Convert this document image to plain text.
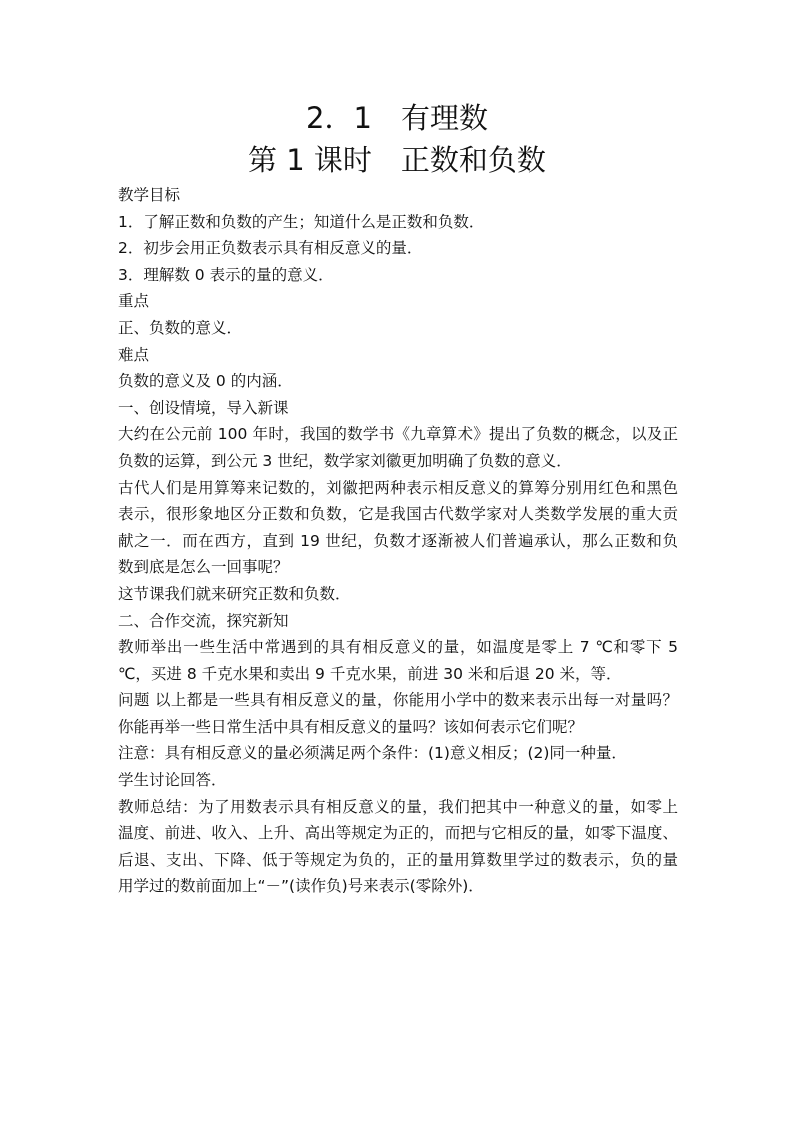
2．1　有理数
第 1 课时　正数和负数

教学目标

1．了解正数和负数的产生；知道什么是正数和负数．

2．初步会用正负数表示具有相反意义的量．

3．理解数 0 表示的量的意义．

重点

正、负数的意义．

难点

负数的意义及 0 的内涵．

一、创设情境，导入新课

大约在公元前 100 年时，我国的数学书《九章算术》提出了负数的概念，以及正

负数的运算，到公元 3 世纪，数学家刘徽更加明确了负数的意义．

古代人们是用算筹来记数的，刘徽把两种表示相反意义的算筹分别用红色和黑色

表示，很形象地区分正数和负数，它是我国古代数学家对人类数学发展的重大贡

献之一．而在西方，直到 19 世纪，负数才逐渐被人们普遍承认，那么正数和负

数到底是怎么一回事呢？

这节课我们就来研究正数和负数．

二、合作交流，探究新知

教师举出一些生活中常遇到的具有相反意义的量，如温度是零上 7 ℃和零下 5

℃，买进 8 千克水果和卖出 9 千克水果，前进 30 米和后退 20 米，等．

问题 以上都是一些具有相反意义的量，你能用小学中的数来表示出每一对量吗？

你能再举一些日常生活中具有相反意义的量吗？该如何表示它们呢？

注意：具有相反意义的量必须满足两个条件：(1)意义相反；(2)同一种量．

学生讨论回答．

教师总结：为了用数表示具有相反意义的量，我们把其中一种意义的量，如零上

温度、前进、收入、上升、高出等规定为正的，而把与它相反的量，如零下温度、

后退、支出、下降、低于等规定为负的，正的量用算数里学过的数表示，负的量

用学过的数前面加上“－”(读作负)号来表示(零除外)．
